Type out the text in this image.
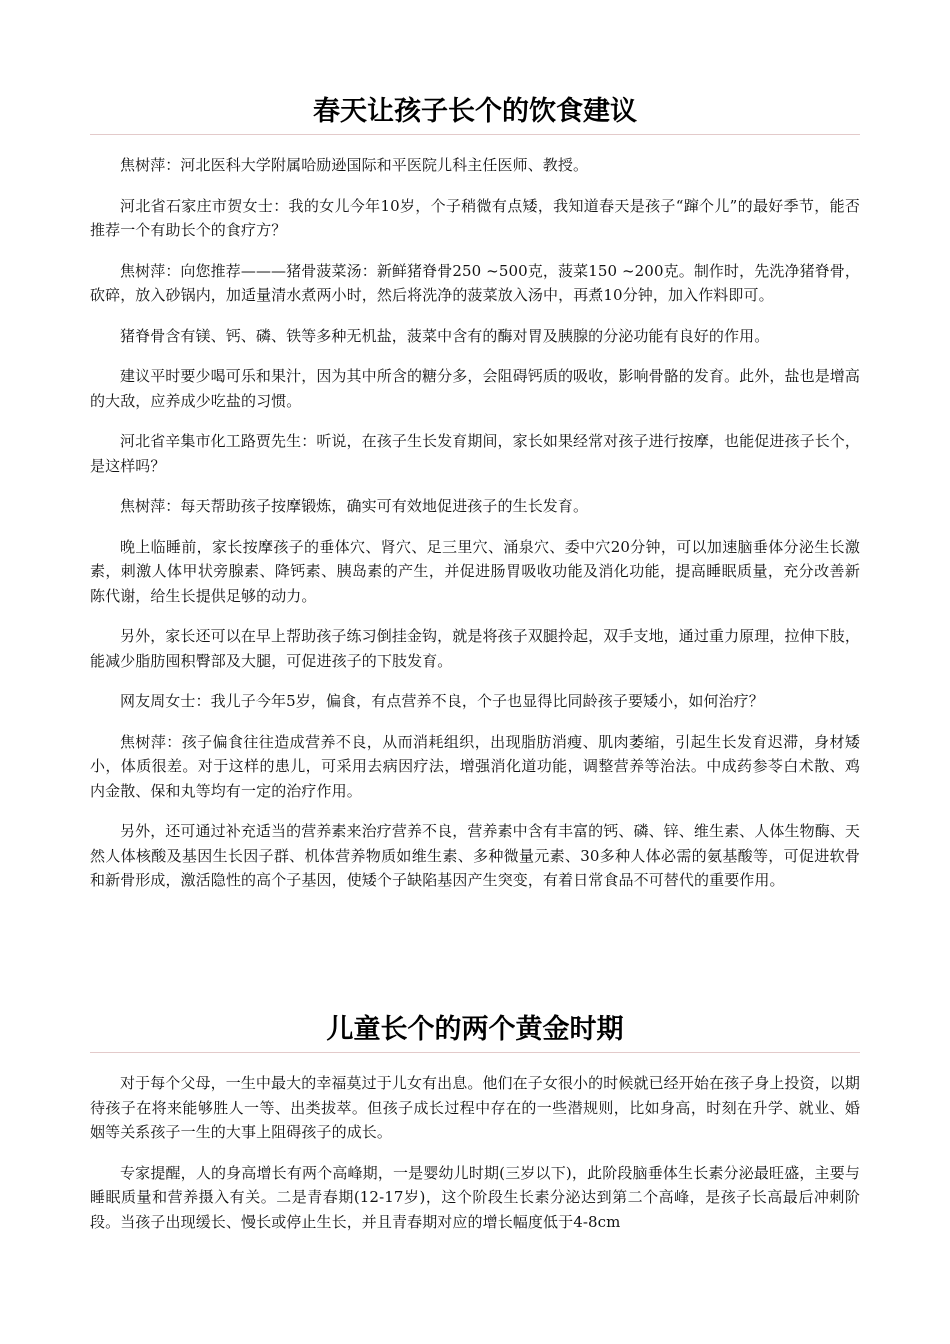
春天让孩子长个的饮食建议

焦树萍：河北医科大学附属哈励逊国际和平医院儿科主任医师、教授。

河北省石家庄市贺女士：我的女儿今年10岁，个子稍微有点矮，我知道春天是孩子“蹿个儿”的最好季节，能否推荐一个有助长个的食疗方？

焦树萍：向您推荐———猪骨菠菜汤：新鲜猪脊骨250 ~500克，菠菜150 ~200克。制作时，先洗净猪脊骨，砍碎，放入砂锅内，加适量清水煮两小时，然后将洗净的菠菜放入汤中，再煮10分钟，加入作料即可。

猪脊骨含有镁、钙、磷、铁等多种无机盐，菠菜中含有的酶对胃及胰腺的分泌功能有良好的作用。

建议平时要少喝可乐和果汁，因为其中所含的糖分多，会阻碍钙质的吸收，影响骨骼的发育。此外，盐也是增高的大敌，应养成少吃盐的习惯。

河北省辛集市化工路贾先生：听说，在孩子生长发育期间，家长如果经常对孩子进行按摩，也能促进孩子长个，是这样吗？

焦树萍：每天帮助孩子按摩锻炼，确实可有效地促进孩子的生长发育。

晚上临睡前，家长按摩孩子的垂体穴、肾穴、足三里穴、涌泉穴、委中穴20分钟，可以加速脑垂体分泌生长激素，刺激人体甲状旁腺素、降钙素、胰岛素的产生，并促进肠胃吸收功能及消化功能，提高睡眠质量，充分改善新陈代谢，给生长提供足够的动力。

另外，家长还可以在早上帮助孩子练习倒挂金钩，就是将孩子双腿拎起，双手支地，通过重力原理，拉伸下肢，能减少脂肪囤积臀部及大腿，可促进孩子的下肢发育。

网友周女士：我儿子今年5岁，偏食，有点营养不良，个子也显得比同龄孩子要矮小，如何治疗？

焦树萍：孩子偏食往往造成营养不良，从而消耗组织，出现脂肪消瘦、肌肉萎缩，引起生长发育迟滞，身材矮小，体质很差。对于这样的患儿，可采用去病因疗法，增强消化道功能，调整营养等治法。中成药参苓白术散、鸡内金散、保和丸等均有一定的治疗作用。

另外，还可通过补充适当的营养素来治疗营养不良，营养素中含有丰富的钙、磷、锌、维生素、人体生物酶、天然人体核酸及基因生长因子群、机体营养物质如维生素、多种微量元素、30多种人体必需的氨基酸等，可促进软骨和新骨形成，激活隐性的高个子基因，使矮个子缺陷基因产生突变，有着日常食品不可替代的重要作用。

儿童长个的两个黄金时期

对于每个父母，一生中最大的幸福莫过于儿女有出息。他们在子女很小的时候就已经开始在孩子身上投资，以期待孩子在将来能够胜人一等、出类拔萃。但孩子成长过程中存在的一些潜规则，比如身高，时刻在升学、就业、婚姻等关系孩子一生的大事上阻碍孩子的成长。

专家提醒，人的身高增长有两个高峰期，一是婴幼儿时期(三岁以下)，此阶段脑垂体生长素分泌最旺盛，主要与睡眠质量和营养摄入有关。二是青春期(12-17岁)，这个阶段生长素分泌达到第二个高峰，是孩子长高最后冲刺阶段。当孩子出现缓长、慢长或停止生长，并且青春期对应的增长幅度低于4-8cm
